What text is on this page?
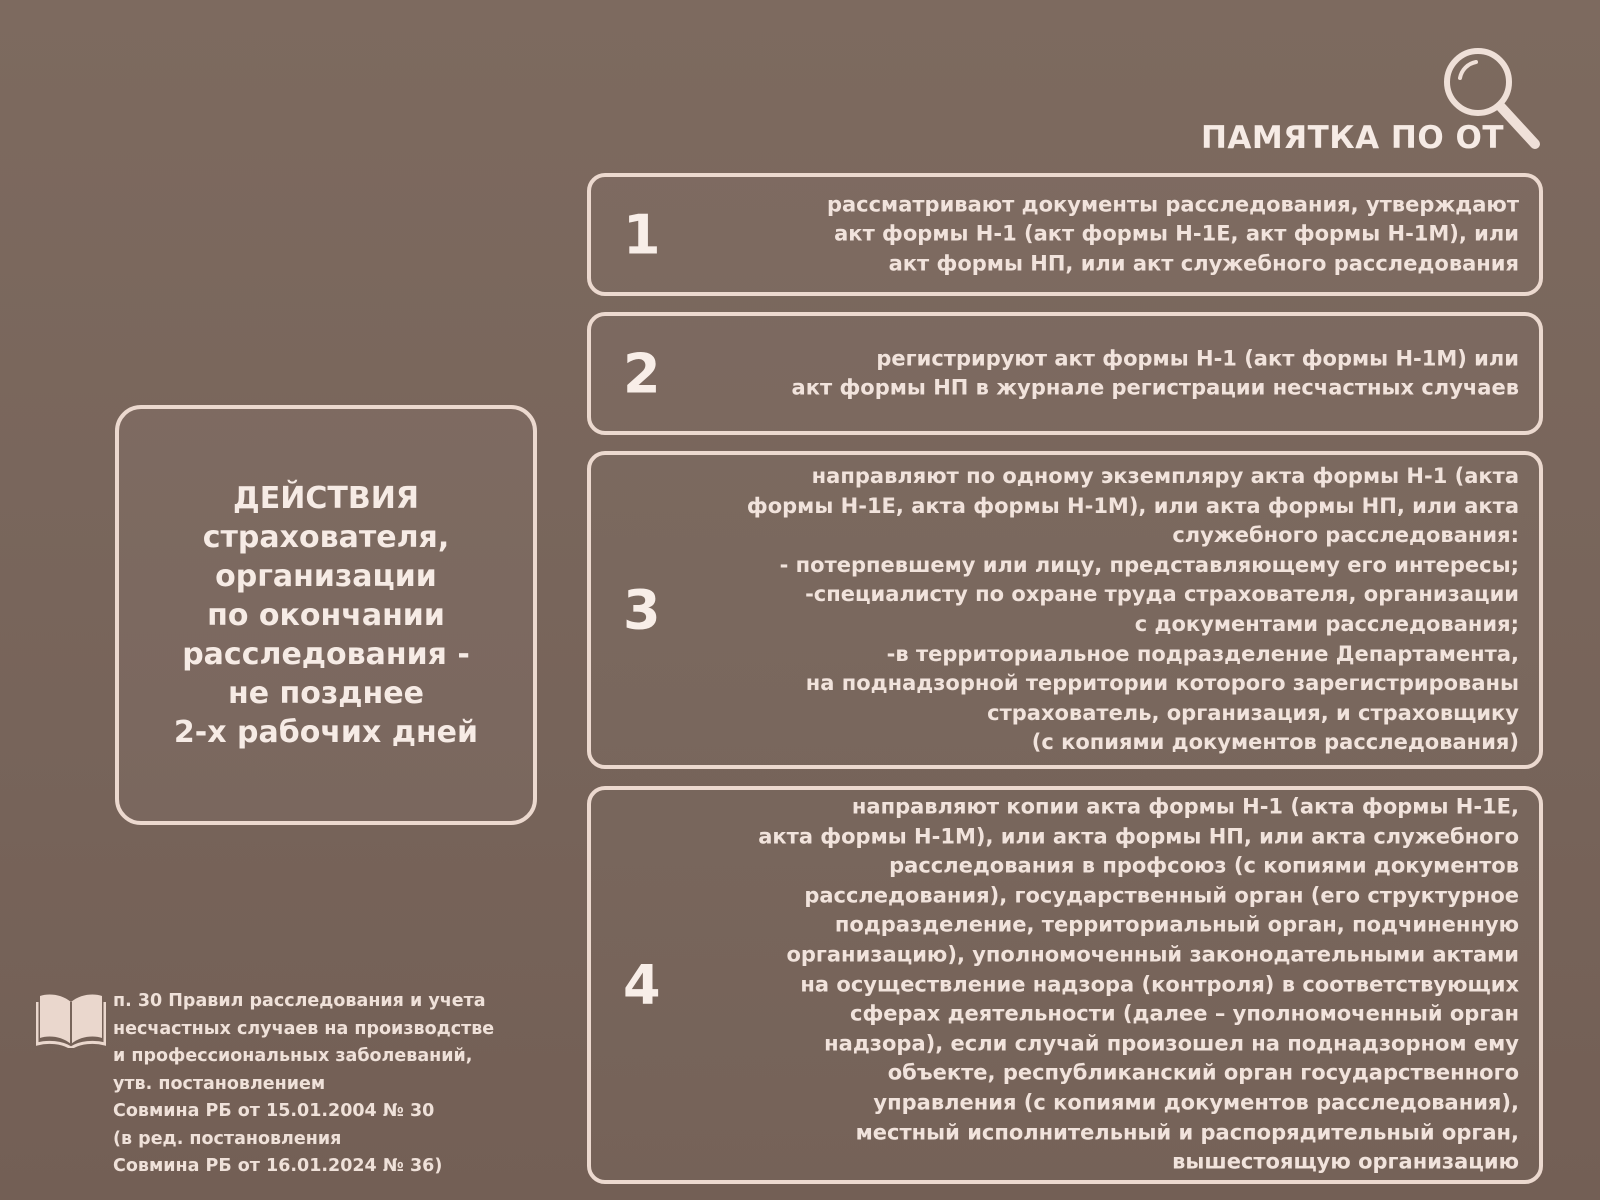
ПАМЯТКА ПО ОТ

ДЕЙСТВИЯ
страхователя,
организации
по окончании
расследования -
не позднее
2-х рабочих дней

1	рассматривают документы расследования, утверждают
акт формы Н-1 (акт формы Н-1Е, акт формы Н-1М), или
акт формы НП, или акт служебного расследования
2	регистрируют акт формы Н-1 (акт формы Н-1М) или
акт формы НП в журнале регистрации несчастных случаев
3
направляют по одному экземпляру акта формы Н-1 (акта
формы Н-1Е, акта формы Н-1М), или акта формы НП, или акта
служебного расследования:
- потерпевшему или лицу, представляющему его интересы;
-специалисту по охране труда страхователя, организации
с документами расследования;
-в территориальное подразделение Департамента,
на поднадзорной территории которого зарегистрированы
страхователь, организация, и страховщику
(с копиями документов расследования)
4
направляют копии акта формы Н-1 (акта формы Н-1Е,
акта формы Н-1М), или акта формы НП, или акта служебного
расследования в профсоюз (с копиями документов
расследования), государственный орган (его структурное
подразделение, территориальный орган, подчиненную
организацию), уполномоченный законодательными актами
на осуществление надзора (контроля) в соответствующих
сферах деятельности (далее – уполномоченный орган
надзора), если случай произошел на поднадзорном ему
объекте, республиканский орган государственного
управления (с копиями документов расследования),
местный исполнительный и распорядительный орган,
вышестоящую организацию

п. 30 Правил расследования и учета
несчастных случаев на производстве
и профессиональных заболеваний,
утв. постановлением
Совмина РБ от 15.01.2004 № 30
(в ред. постановления
Совмина РБ от 16.01.2024 № 36)
